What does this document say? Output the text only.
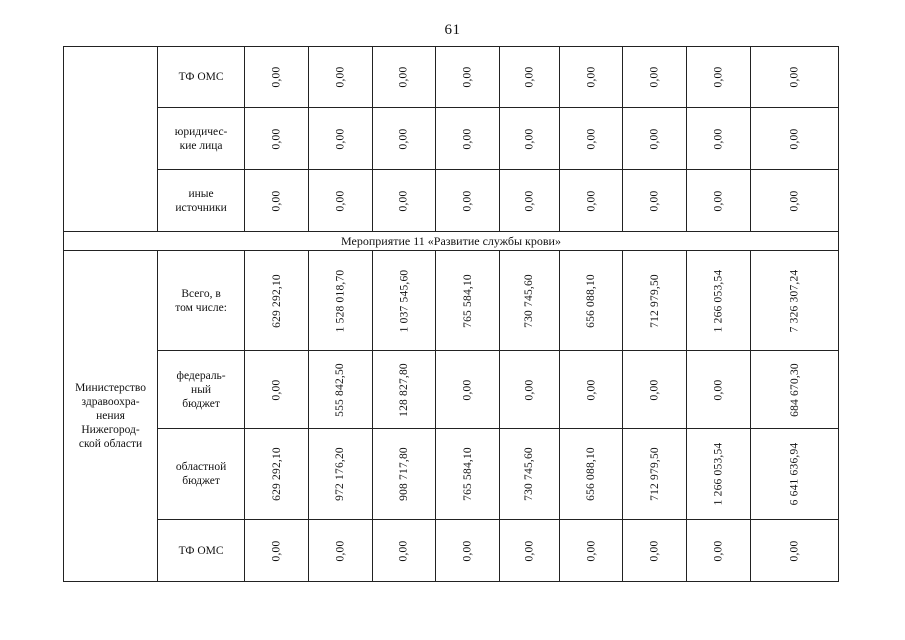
61
	ТФ ОМС	0,00	0,00	0,00	0,00	0,00	0,00	0,00	0,00	0,00
	юридичес-
кие лица	0,00	0,00	0,00	0,00	0,00	0,00	0,00	0,00	0,00
	иные
источники	0,00	0,00	0,00	0,00	0,00	0,00	0,00	0,00	0,00
Мероприятие 11 «Развитие службы крови»										
Министерство
здравоохра-
нения
Нижегород-
ской области	Всего, в
том числе:	629 292,10	1 528 018,70	1 037 545,60	765 584,10	730 745,60	656 088,10	712 979,50	1 266 053,54	7 326 307,24
	федераль-
ный
бюджет	0,00	555 842,50	128 827,80	0,00	0,00	0,00	0,00	0,00	684 670,30
	областной
бюджет	629 292,10	972 176,20	908 717,80	765 584,10	730 745,60	656 088,10	712 979,50	1 266 053,54	6 641 636,94
	ТФ ОМС	0,00	0,00	0,00	0,00	0,00	0,00	0,00	0,00	0,00
